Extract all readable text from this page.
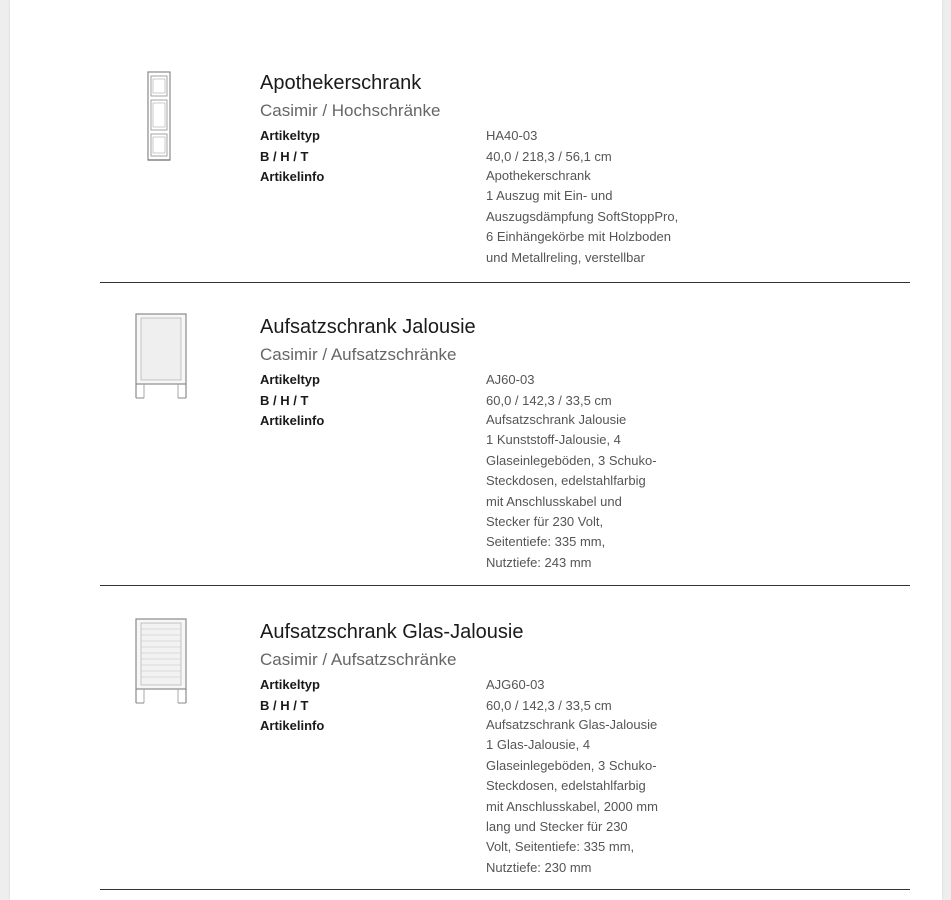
Apothekerschrank
Casimir / Hochschränke
Artikeltyp	HA40-03
B / H / T	40,0 / 218,3 / 56,1 cm
Artikelinfo	Apothekerschrank
1 Auszug mit Ein- und
Auszugsdämpfung SoftStoppPro,
6 Einhängekörbe mit Holzboden
und Metallreling, verstellbar
Aufsatzschrank Jalousie
Casimir / Aufsatzschränke
Artikeltyp	AJ60-03
B / H / T	60,0 / 142,3 / 33,5 cm
Artikelinfo	Aufsatzschrank Jalousie
1 Kunststoff-Jalousie, 4
Glaseinlegeböden, 3 Schuko-
Steckdosen, edelstahlfarbig
mit Anschlusskabel und
Stecker für 230 Volt,
Seitentiefe: 335 mm,
Nutztiefe: 243 mm
Aufsatzschrank Glas-Jalousie
Casimir / Aufsatzschränke
Artikeltyp	AJG60-03
B / H / T	60,0 / 142,3 / 33,5 cm
Artikelinfo	Aufsatzschrank Glas-Jalousie
1 Glas-Jalousie, 4
Glaseinlegeböden, 3 Schuko-
Steckdosen, edelstahlfarbig
mit Anschlusskabel, 2000 mm
lang und Stecker für 230
Volt, Seitentiefe: 335 mm,
Nutztiefe: 230 mm
